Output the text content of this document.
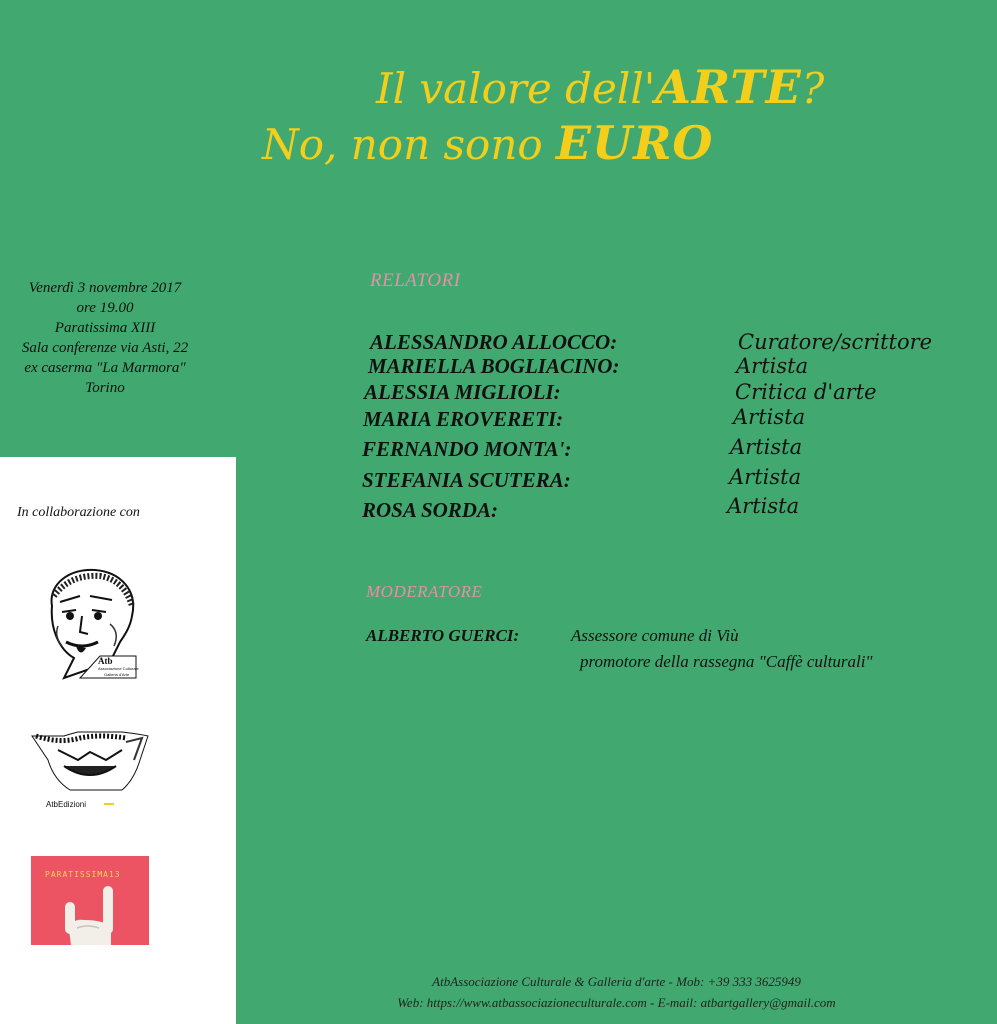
Il valore dell'ARTE?
No, non sono EURO
Venerdì 3 novembre 2017
ore 19.00
Paratissima XIII
Sala conferenze via Asti, 22
ex caserma "La Marmora"
Torino
In collaborazione con
Atb
Associazione Culturale
Galleria d'Arte
AtbEdizioni
PARATISSIMA13
RELATORI
ALESSANDRO ALLOCCO:	Curatore/scrittore
MARIELLA BOGLIACINO:	Artista
ALESSIA MIGLIOLI:	Critica d'arte
MARIA EROVERETI:	Artista
FERNANDO MONTA':	Artista
STEFANIA SCUTERA:	Artista
ROSA SORDA:	Artista
MODERATORE
ALBERTO GUERCI:	Assessore comune di Viù
promotore della rassegna "Caffè culturali"
AtbAssociazione Culturale & Galleria d'arte - Mob: +39 333 3625949
Web: https://www.atbassociazioneculturale.com - E-mail: atbartgallery@gmail.com
